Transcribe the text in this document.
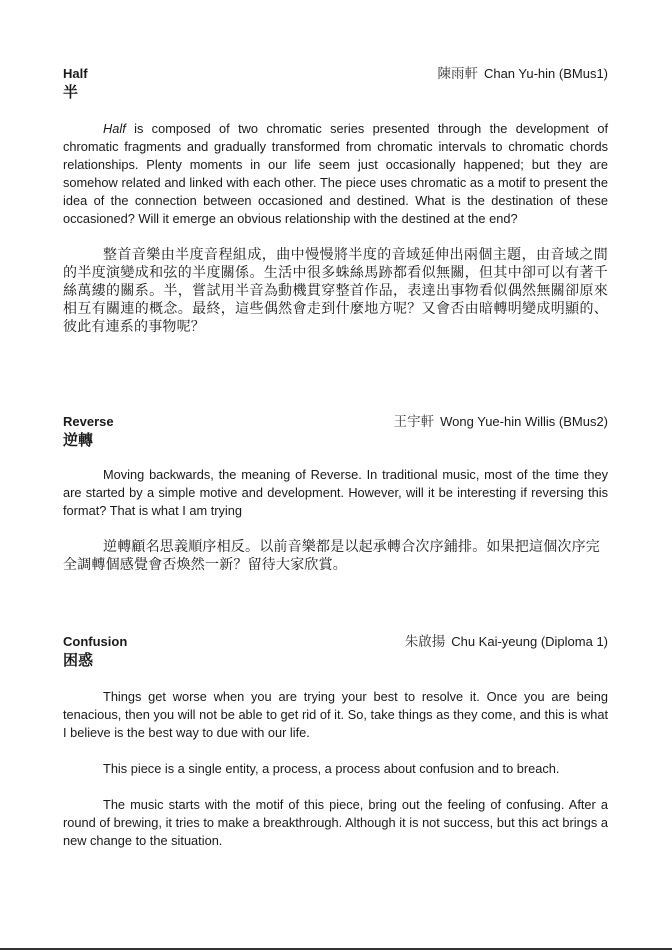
Half
半
陳雨軒 Chan Yu-hin (BMus1)

Half is composed of two chromatic series presented through the development of chromatic fragments and gradually transformed from chromatic intervals to chromatic chords relationships. Plenty moments in our life seem just occasionally happened; but they are somehow related and linked with each other. The piece uses chromatic as a motif to present the idea of the connection between occasioned and destined. What is the destination of these occasioned? Will it emerge an obvious relationship with the destined at the end?

整首音樂由半度音程組成，曲中慢慢將半度的音域延伸出兩個主題，由音域之間的半度演變成和弦的半度關係。生活中很多蛛絲馬跡都看似無關，但其中卻可以有著千絲萬縷的關系。半，嘗試用半音為動機貫穿整首作品，表達出事物看似偶然無關卻原來相互有關連的概念。最終，這些偶然會走到什麼地方呢？又會否由暗轉明變成明顯的、彼此有連系的事物呢？

Reverse
逆轉
王宇軒 Wong Yue-hin Willis (BMus2)

Moving backwards, the meaning of Reverse. In traditional music, most of the time they are started by a simple motive and development. However, will it be interesting if reversing this format? That is what I am trying

逆轉顧名思義順序相反。以前音樂都是以起承轉合次序鋪排。如果把這個次序完全調轉個感覺會否煥然一新？留待大家欣賞。

Confusion
困惑
朱啟揚 Chu Kai-yeung (Diploma 1)

Things get worse when you are trying your best to resolve it. Once you are being tenacious, then you will not be able to get rid of it. So, take things as they come, and this is what I believe is the best way to due with our life.

This piece is a single entity, a process, a process about confusion and to breach.

The music starts with the motif of this piece, bring out the feeling of confusing. After a round of brewing, it tries to make a breakthrough. Although it is not success, but this act brings a new change to the situation.
